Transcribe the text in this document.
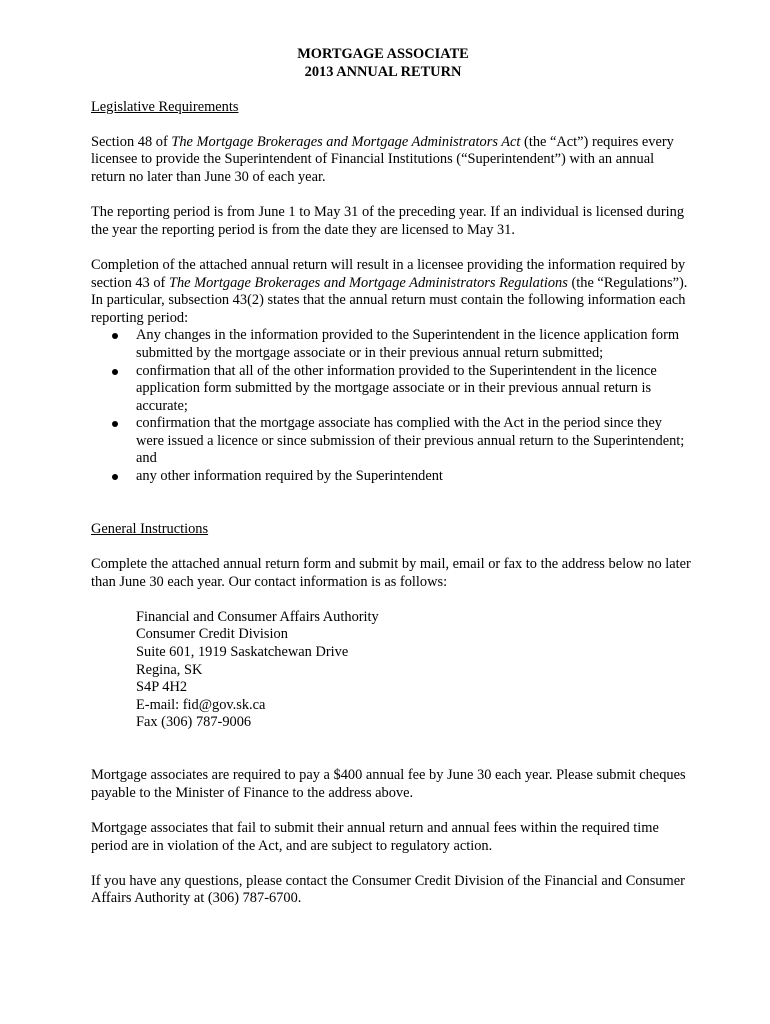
MORTGAGE ASSOCIATE
2013 ANNUAL RETURN

Legislative Requirements

Section 48 of The Mortgage Brokerages and Mortgage Administrators Act (the “Act”) requires every licensee to provide the Superintendent of Financial Institutions (“Superintendent”) with an annual return no later than June 30 of each year.

The reporting period is from June 1 to May 31 of the preceding year. If an individual is licensed during the year the reporting period is from the date they are licensed to May 31.

Completion of the attached annual return will result in a licensee providing the information required by section 43 of The Mortgage Brokerages and Mortgage Administrators Regulations (the “Regulations”). In particular, subsection 43(2) states that the annual return must contain the following information each reporting period:

Any changes in the information provided to the Superintendent in the licence application form submitted by the mortgage associate or in their previous annual return submitted;
confirmation that all of the other information provided to the Superintendent in the licence application form submitted by the mortgage associate or in their previous annual return is accurate;
confirmation that the mortgage associate has complied with the Act in the period since they were issued a licence or since submission of their previous annual return to the Superintendent; and
any other information required by the Superintendent

General Instructions

Complete the attached annual return form and submit by mail, email or fax to the address below no later than June 30 each year. Our contact information is as follows:

Financial and Consumer Affairs Authority
Consumer Credit Division
Suite 601, 1919 Saskatchewan Drive
Regina, SK
S4P 4H2
E-mail: fid@gov.sk.ca
Fax (306) 787-9006

Mortgage associates are required to pay a $400 annual fee by June 30 each year. Please submit cheques payable to the Minister of Finance to the address above.

Mortgage associates that fail to submit their annual return and annual fees within the required time period are in violation of the Act, and are subject to regulatory action.

If you have any questions, please contact the Consumer Credit Division of the Financial and Consumer Affairs Authority at (306) 787-6700.
